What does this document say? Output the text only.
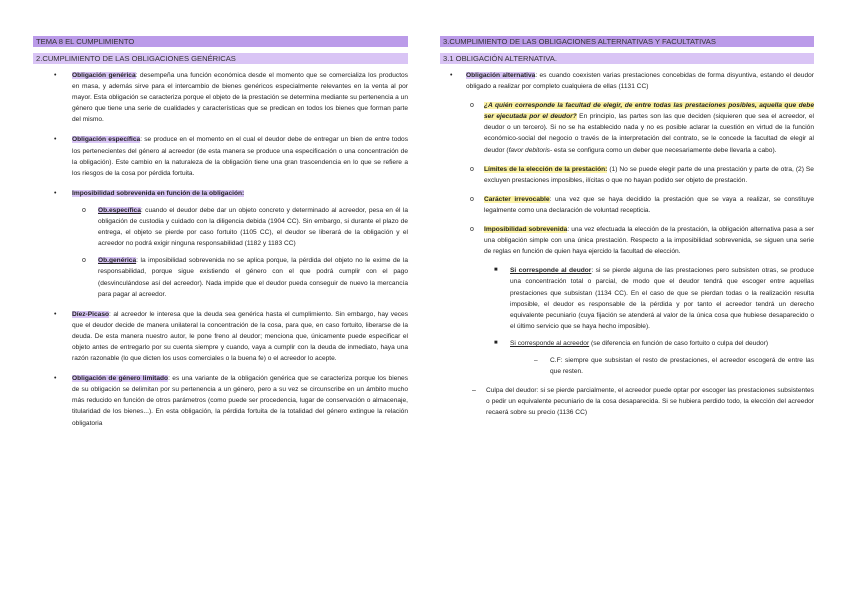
TEMA 8 EL CUMPLIMIENTO
2.CUMPLIMIENTO DE LAS OBLIGACIONES GENÉRICAS
• Obligación genérica: desempeña una función económica desde el momento que se comercializa los productos en masa, y además sirve para el intercambio de bienes genéricos especialmente relevantes en la venta al por mayor. Esta obligación se caracteriza porque el objeto de la prestación se determina mediante su pertenencia a un género que tiene una serie de cualidades y características que se predican en todos los bienes que forman parte del mismo.
• Obligación específica: se produce en el momento en el cual el deudor debe de entregar un bien de entre todos los pertenecientes del género al acreedor (de esta manera se produce una especificación o una concentración de la obligación). Este cambio en la naturaleza de la obligación tiene una gran trascendencia en lo que se refiere a los riesgos de la cosa por pérdida fortuita.
• Imposibilidad sobrevenida en función de la obligación:
o Ob.específica: cuando el deudor debe dar un objeto concreto y determinado al acreedor, pesa en él la obligación de custodia y cuidado con la diligencia debida (1904 CC). Sin embargo, si durante el plazo de entrega, el objeto se pierde por caso fortuito (1105 CC), el deudor se liberará de la obligación y el acreedor no podrá exigir ninguna responsabilidad (1182 y 1183 CC)
o Ob.genérica: la imposibilidad sobrevenida no se aplica porque, la pérdida del objeto no le exime de la responsabilidad, porque sigue existiendo el género con el que podrá cumplir con el pago (desvinculándose así del acreedor). Nada impide que el deudor pueda conseguir de nuevo la mercancía para pagar al acreedor.
• Díez-Picaso: al acreedor le interesa que la deuda sea genérica hasta el cumplimiento. Sin embargo, hay veces que el deudor decide de manera unilateral la concentración de la cosa, para que, en caso fortuito, liberarse de la deuda. De esta manera nuestro autor, le pone freno al deudor; menciona que, únicamente puede especificar el objeto antes de entregarlo por su cuenta siempre y cuando, vaya a cumplir con la deuda de inmediato, haya una razón razonable (lo que dicten los usos comerciales o la buena fe) o el acreedor lo acepte.
• Obligación de género limitado: es una variante de la obligación genérica que se caracteriza porque los bienes de su obligación se delimitan por su pertenencia a un género, pero a su vez se circunscribe en un ámbito mucho más reducido en función de otros parámetros (como puede ser procedencia, lugar de conservación o almacenaje, titularidad de los bienes...). En esta obligación, la pérdida fortuita de la totalidad del género extingue la relación obligatoria
3.CUMPLIMIENTO DE LAS OBLIGACIONES ALTERNATIVAS Y FACULTATIVAS
3.1 OBLIGACIÓN ALTERNATIVA.
• Obligación alternativa: es cuando coexisten varias prestaciones concebidas de forma disyuntiva, estando el deudor obligado a realizar por completo cualquiera de ellas (1131 CC)
o ¿A quién corresponde la facultad de elegir, de entre todas las prestaciones posibles, aquella que debe ser ejecutada por el deudor? En principio, las partes son las que deciden (siquieren que sea el acreedor, el deudor o un tercero). Si no se ha establecido nada y no es posible aclarar la cuestión en virtud de la función económico-social del negocio o través de la interpretación del contrato, se le concede la facultad de elegir al deudor (favor debitoris- esta se configura como un deber que necesariamente debe llevarla a cabo).
o Límites de la elección de la prestación: (1) No se puede elegir parte de una prestación y parte de otra, (2) Se excluyen prestaciones imposibles, ilícitas o que no hayan podido ser objeto de prestación.
o Carácter irrevocable: una vez que se haya decidido la prestación que se vaya a realizar, se constituye legalmente como una declaración de voluntad recepticia.
o Imposibilidad sobrevenida: una vez efectuada la elección de la prestación, la obligación alternativa pasa a ser una obligación simple con una única prestación. Respecto a la imposibilidad sobrevenida, se siguen una serie de reglas en función de quien haya ejercido la facultad de elección.
■ Si corresponde al deudor: si se pierde alguna de las prestaciones pero subsisten otras, se produce una concentración total o parcial, de modo que el deudor tendrá que escoger entre aquellas prestaciones que subsistan (1134 CC). En el caso de que se pierdan todas o la realización resulta imposible, el deudor es responsable de la pérdida y por tanto el acreedor tendrá un derecho equivalente pecuniario (cuya fijación se atenderá al valor de la única cosa que hubiese desaparecido o el último servicio que se haya hecho imposible).
■ Si corresponde al acreedor (se diferencia en función de caso fortuito o culpa del deudor)
– C.F: siempre que subsistan el resto de prestaciones, el acreedor escogerá de entre las que resten.
– Culpa del deudor: si se pierde parcialmente, el acreedor puede optar por escoger las prestaciones subsistentes o pedir un equivalente pecuniario de la cosa desaparecida. Si se hubiera perdido todo, la elección del acreedor recaerá sobre su precio (1136 CC)
